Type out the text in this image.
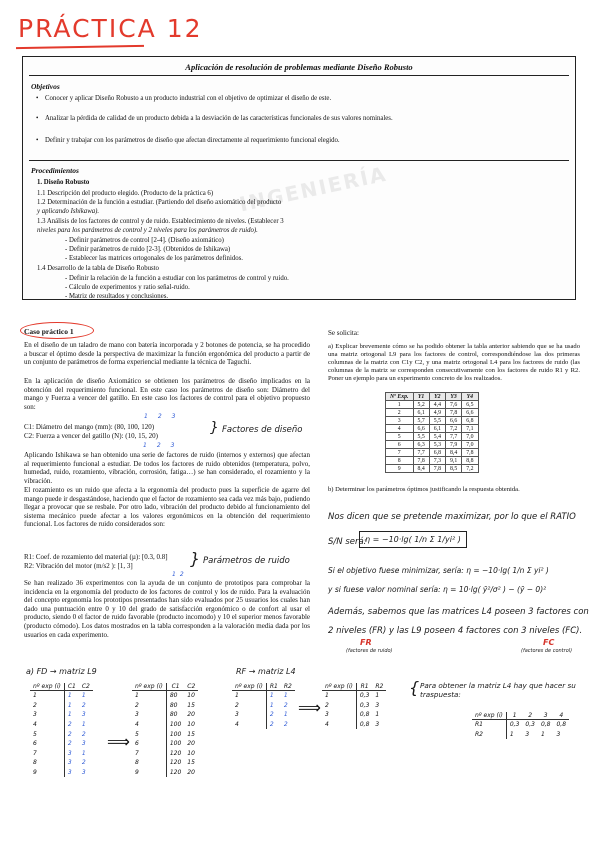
PRÁCTICA 12
Aplicación de resolución de problemas mediante Diseño Robusto
INGENIERÍA
Objetivos
• Conocer y aplicar Diseño Robusto a un producto industrial con el objetivo de optimizar el diseño de este.
• Analizar la pérdida de calidad de un producto debida a la desviación de las características funcionales de sus valores nominales.
• Definir y trabajar con los parámetros de diseño que afectan directamente al requerimiento funcional elegido.
Procedimientos
1. Diseño Robusto
1.1 Descripción del producto elegido. (Producto de la práctica 6)
1.2 Determinación de la función a estudiar. (Partiendo del diseño axiomático del producto
y aplicando Ishikawa).
1.3 Análisis de los factores de control y de ruido. Establecimiento de niveles. (Establecer 3
niveles para los parámetros de control y 2 niveles para los parámetros de ruido).
- Definir parámetros de control [2-4]. (Diseño axiomático)
- Definir parámetros de ruido [2-3]. (Obtenidos de Ishikawa)
- Establecer las matrices ortogonales de los parámetros definidos.
1.4 Desarrollo de la tabla de Diseño Robusto
- Definir la relación de la función a estudiar con los parámetros de control y ruido.
- Cálculo de experimentos y ratio señal-ruido.
- Matriz de resultados y conclusiones.
Caso práctico 1
En el diseño de un taladro de mano con batería incorporada y 2 botones de potencia, se ha procedido a buscar el óptimo desde la perspectiva de maximizar la función ergonómica del producto a partir de un conjunto de parámetros de forma experiencial mediante la técnica de Taguchi.
En la aplicación de diseño Axiomático se obtienen los parámetros de diseño implicados en la obtención del requerimiento funcional. En este caso los parámetros de diseño son: Diámetro del mango y Fuerza a vencer del gatillo. En este caso los factores de control para el objetivo propuesto son:
123
C1: Diámetro del mango (mm): (80, 100, 120)
C2: Fuerza a vencer del gatillo (N): (10, 15, 20)
123
} Factores de diseño
Aplicando Ishikawa se han obtenido una serie de factores de ruido (internos y externos) que afectan al requerimiento funcional a estudiar. De todos los factores de ruido obtenidos (temperatura, polvo, humedad, ruido, rozamiento, vibración, corrosión, fatiga…) se han considerado, el rozamiento y la vibración.
El rozamiento es un ruido que afecta a la ergonomía del producto pues la superficie de agarre del mango puede ir desgastándose, haciendo que el factor de rozamiento sea cada vez más bajo, pudiendo llegar a provocar que se resbale. Por otro lado, vibración del producto debido al funcionamiento del sistema mecánico puede afectar a los valores ergonómicos en la obtención del requerimiento funcional. Los factores de ruido considerados son:
R1: Coef. de rozamiento del material (µ): [0.3, 0.8]
R2: Vibración del motor (m/s2 ): [1, 3]
12
} Parámetros de ruido
Se han realizado 36 experimentos con la ayuda de un conjunto de prototipos para comprobar la incidencia en la ergonomía del producto de los factores de control y los de ruido. Para la evaluación del concepto ergonomía los prototipos presentados han sido evaluados por 25 usuarios los cuales han dado una puntuación entre 0 y 10 del grado de satisfacción ergonómico o de confort al usar el producto, siendo 0 el factor de ruido favorable (producto incomodo) y 10 el superior menos favorable (producto cómodo). Los datos mostrados en la tabla corresponden a la valoración media dada por los usuarios en cada experimento.
Se solicita:
a) Explicar brevemente cómo se ha podido obtener la tabla anterior sabiendo que se ha usado una matriz ortogonal L9 para los factores de control, correspondiéndose las dos primeras columnas de la matriz con C1y C2, y una matriz ortogonal L4 para los factores de ruido (las columnas de la matriz se corresponden consecutivamente con los factores de ruido R1 y R2. Poner un ejemplo para un experimento concreto de los realizados.
Nº Exp.	Y1	Y2	Y3	Y4
1	5,2	4,4	7,6	6,5
2	6,1	4,9	7,8	6,6
3	5,7	5,5	6,6	6,8
4	6,6	6,1	7,2	7,1
5	5,5	5,4	7,7	7,0
6	6,3	5,3	7,9	7,0
7	7,7	6,8	8,4	7,8
8	7,8	7,3	9,1	8,8
9	8,4	7,8	8,5	7,2
b) Determinar los parámetros óptimos justificando la respuesta obtenida.
Nos dicen que se pretende maximizar, por lo que el RATIO
S/N será:
η = −10·lg( 1/n Σ 1/yi² )
Si el objetivo fuese minimizar, sería: η = −10·lg( 1/n Σ yi² )
y si fuese valor nominal sería: η = 10·lg( ȳ²/σ² ) − (ȳ − 0)²
Además, sabemos que las matrices L4 poseen 3 factores con
2 niveles (FR) y las L9 poseen 4 factores con 3 niveles (FC).
FR
(factores de ruido)
FC
(factores de control)
a) FD → matriz L9	RF → matriz L4
nº exp (i)	C1	C2
1	1	1
2	1	2
3	1	3
4	2	1
5	2	2
6	2	3
7	3	1
8	3	2
9	3	3
⟹
nº exp (i)	C1	C2
1	80	10
2	80	15
3	80	20
4	100	10
5	100	15
6	100	20
7	120	10
8	120	15
9	120	20
nº exp (i)	R1	R2
1	1	1
2	1	2
3	2	1
4	2	2
⟹
nº exp (i)	R1	R2
1	0,3	1
2	0,3	3
3	0,8	1
4	0,8	3
{ Para obtener la matriz L4 hay que hacer su traspuesta:
nº exp (i)	1	2	3	4
R1	0,3	0,3	0,8	0,8
R2	1	3	1	3
